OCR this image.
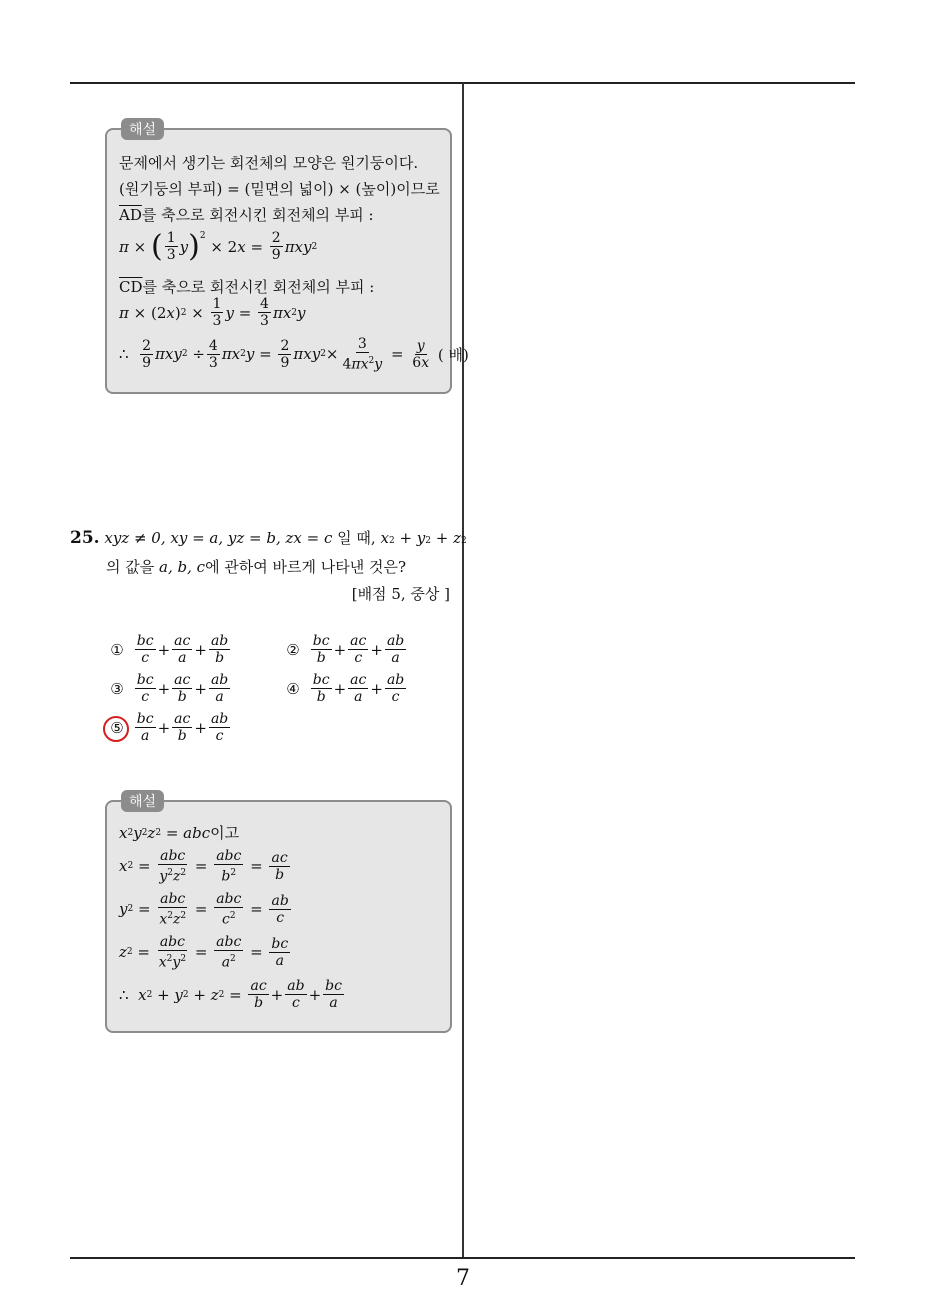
해설
문제에서 생기는 회전체의 모양은 원기둥이다.
(원기둥의 부피) = (밑면의 넓이) × (높이)이므로
$\overline{AD}$ 를 축으로 회전시킨 회전체의 부피 :
π × ( $\frac{1}{3}$ y )$^2$
× 2 $x = \frac{2}{9}$ πxy 2
$\overline{CD}$ 를 축으로 회전시킨 회전체의 부피 :
π × (2 x ) $2 \times \frac{1}{3}$ $y = \frac{4}{3}$ πx 2 y
∴ $\frac{2}{9}$ πxy $2 \div \frac{4}{3}$ πx 2 $y = \frac{2}{9}$ πxy $2 \times \frac{3}{4\pi x^2y} = \frac{y}{6x}$
( 배)
25.
xyz ≠ 0, xy = a, yz = b, zx = c
일 때,
$x_2 + y_2 + z_2$
의 값을 a, b, c에 관하여 바르게 나타낸 것은?
[배점 5, 중상 ]
①
$\frac{bc}{c} + \frac{ac}{a} + \frac{ab}{b}$	②
$\frac{bc}{b} + \frac{ac}{c} + \frac{ab}{a}$
③
$\frac{bc}{c} + \frac{ac}{b} + \frac{ab}{a}$	④
$\frac{bc}{b} + \frac{ac}{a} + \frac{ab}{c}$
⑤
$\frac{bc}{a} + \frac{ac}{b} + \frac{ab}{c}$
해설
x 2 y 2 z 2 = abc 이고
x $2 = \frac{\text{abc}}{y^2z^2} = \frac{\text{abc}}{b^2} = \frac{ac}{b}$
y $2 = \frac{\text{abc}}{x^2z^2} = \frac{\text{abc}}{c^2} = \frac{ab}{c}$
z $2 = \frac{\text{abc}}{x^2y^2} = \frac{\text{abc}}{a^2} = \frac{bc}{a}$
∴ x 2 + y 2 + z $2 = \frac{ac}{b} + \frac{ab}{c} + \frac{bc}{a}$
7
